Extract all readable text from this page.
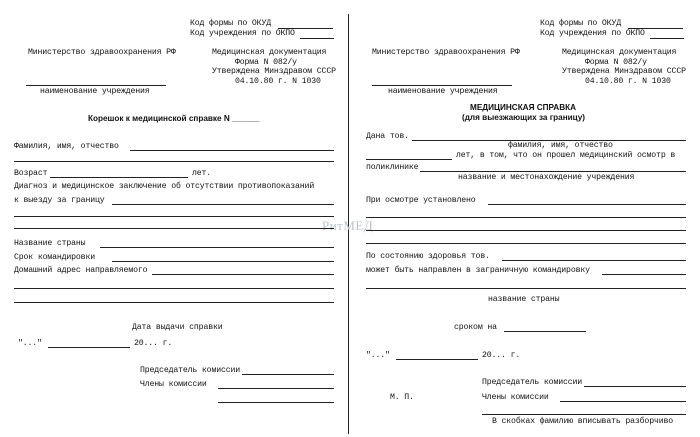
РитМЕД
Код формы по ОКУД
Код учреждения по ОКПО
Министерство здравоохранения РФ	Медицинская документация
Форма N 082/у
Утверждена Минздравом СССР
04.10.80 г. N 1030
наименование учреждения
Корешок к медицинской справке N ______
Фамилия, имя, отчество
Возраст	лет.
Диагноз и медицинское заключение об отсутствии противопоказаний
к выезду за границу
Название страны
Срок командировки
Домашний адрес направляемого
Дата выдачи справки
"..."	20... г.
Председатель комиссии
Члены комиссии
Код формы по ОКУД
Код учреждения по ОКПО
Министерство здравоохранения РФ	Медицинская документация
Форма N 082/у
Утверждена Минздравом СССР
04.10.80 г. N 1030
наименование учреждения
МЕДИЦИНСКАЯ СПРАВКА
(для выезжающих за границу)
Дана тов.
фамилия, имя, отчество
лет, в том, что он прошел медицинский осмотр в
поликлинике
название и местонахождение учреждения
При осмотре установлено
По состоянию здоровья тов.
может быть направлен в заграничную командировку
название страны
сроком на
"..."	20... г.
Председатель комиссии
М. П.	Члены комиссии
В скобках фамилию вписывать разборчиво
